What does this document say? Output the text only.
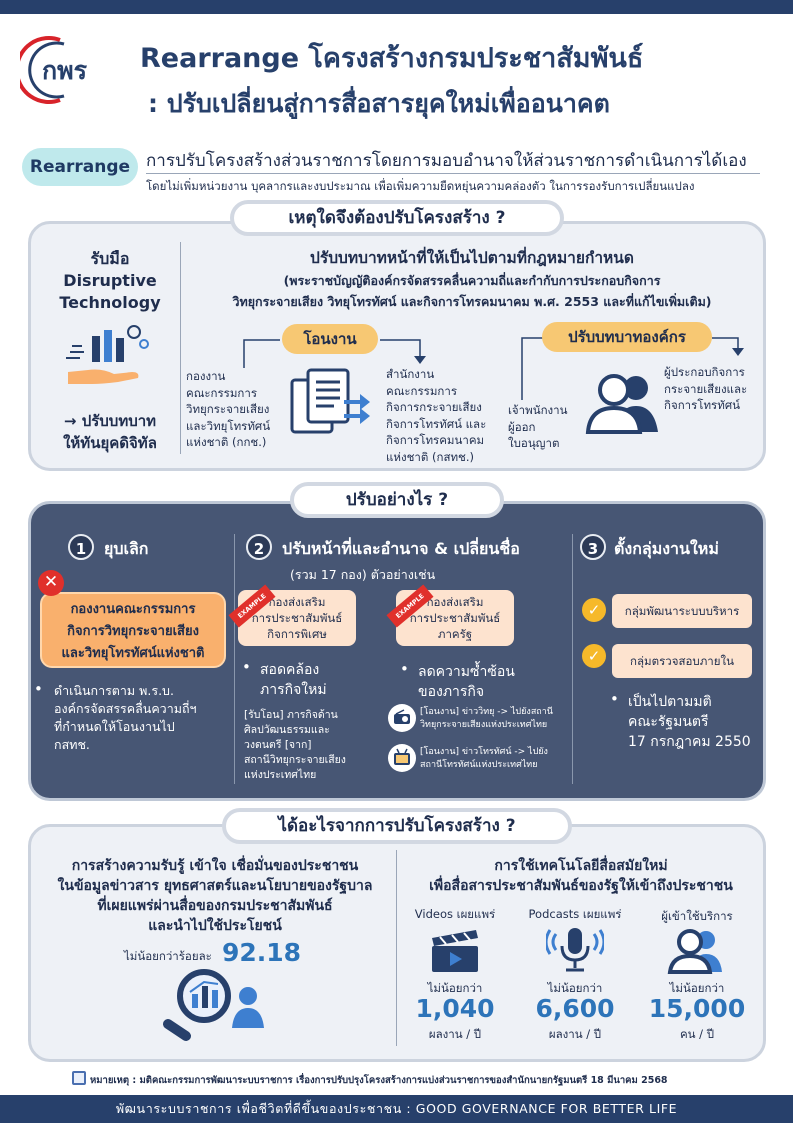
กพร Rearrange โครงสร้างกรมประชาสัมพันธ์
: ปรับเปลี่ยนสู่การสื่อสารยุคใหม่เพื่ออนาคต
Rearrange การปรับโครงสร้างส่วนราชการโดยการมอบอำนาจให้ส่วนราชการดำเนินการได้เอง
โดยไม่เพิ่มหน่วยงาน บุคลากรและงบประมาณ เพื่อเพิ่มความยืดหยุ่นความคล่องตัว ในการรองรับการเปลี่ยนแปลง
เหตุใดจึงต้องปรับโครงสร้าง ?
รับมือ
Disruptive
Technology
→ ปรับบทบาท
ให้ทันยุคดิจิทัล
ปรับบทบาทหน้าที่ให้เป็นไปตามที่กฎหมายกำหนด
(พระราชบัญญัติองค์กรจัดสรรคลื่นความถี่และกำกับการประกอบกิจการ
วิทยุกระจายเสียง วิทยุโทรทัศน์ และกิจการโทรคมนาคม พ.ศ. 2553 และที่แก้ไขเพิ่มเติม)
โอนงาน
กองงาน
คณะกรรมการ
วิทยุกระจายเสียง
และวิทยุโทรทัศน์
แห่งชาติ (กกช.)
สำนักงาน
คณะกรรมการ
กิจการกระจายเสียง
กิจการโทรทัศน์ และ
กิจการโทรคมนาคม
แห่งชาติ (กสทช.)
ปรับบทบาทองค์กร
เจ้าพนักงาน
ผู้ออก
ใบอนุญาต
ผู้ประกอบกิจการ
กระจายเสียงและ
กิจการโทรทัศน์
ปรับอย่างไร ?
1	ยุบเลิก
กองงานคณะกรรมการ
กิจการวิทยุกระจายเสียง
และวิทยุโทรทัศน์แห่งชาติ
✕
• ดำเนินการตาม พ.ร.บ.
องค์กรจัดสรรคลื่นความถี่ฯ
ที่กำหนดให้โอนงานไป
กสทช.
2	ปรับหน้าที่และอำนาจ & เปลี่ยนชื่อ
(รวม 17 กอง) ตัวอย่างเช่น
กองส่งเสริม
การประชาสัมพันธ์
กิจการพิเศษ
EXAMPLE	กองส่งเสริม
การประชาสัมพันธ์
ภาครัฐ
EXAMPLE
• สอดคล้อง
ภารกิจใหม่
[รับโอน] ภารกิจด้าน
ศิลปวัฒนธรรมและ
วงดนตรี [จาก]
สถานีวิทยุกระจายเสียง
แห่งประเทศไทย
• ลดความซ้ำซ้อน
ของภารกิจ
[โอนงาน] ข่าววิทยุ -> ไปยังสถานี
วิทยุกระจายเสียงแห่งประเทศไทย
[โอนงาน] ข่าวโทรทัศน์ -> ไปยัง
สถานีโทรทัศน์แห่งประเทศไทย
3 ตั้งกลุ่มงานใหม่
✓	กลุ่มพัฒนาระบบบริหาร
✓	กลุ่มตรวจสอบภายใน
• เป็นไปตามมติ
คณะรัฐมนตรี
17 กรกฎาคม 2550
ได้อะไรจากการปรับโครงสร้าง ?
การสร้างความรับรู้ เข้าใจ เชื่อมั่นของประชาชน
ในข้อมูลข่าวสาร ยุทธศาสตร์และนโยบายของรัฐบาล
ที่เผยแพร่ผ่านสื่อของกรมประชาสัมพันธ์
และนำไปใช้ประโยชน์
ไม่น้อยกว่าร้อยละ 92.18
การใช้เทคโนโลยีสื่อสมัยใหม่
เพื่อสื่อสารประชาสัมพันธ์ของรัฐให้เข้าถึงประชาชน
Videos เผยแพร่
ไม่น้อยกว่า
1,040
ผลงาน / ปี
Podcasts เผยแพร่
ไม่น้อยกว่า
6,600
ผลงาน / ปี
ผู้เข้าใช้บริการ
ไม่น้อยกว่า
15,000
คน / ปี
หมายเหตุ : มติคณะกรรมการพัฒนาระบบราชการ เรื่องการปรับปรุงโครงสร้างการแบ่งส่วนราชการของสำนักนายกรัฐมนตรี 18 มีนาคม 2568
พัฒนาระบบราชการ เพื่อชีวิตที่ดีขึ้นของประชาชน : GOOD GOVERNANCE FOR BETTER LIFE
